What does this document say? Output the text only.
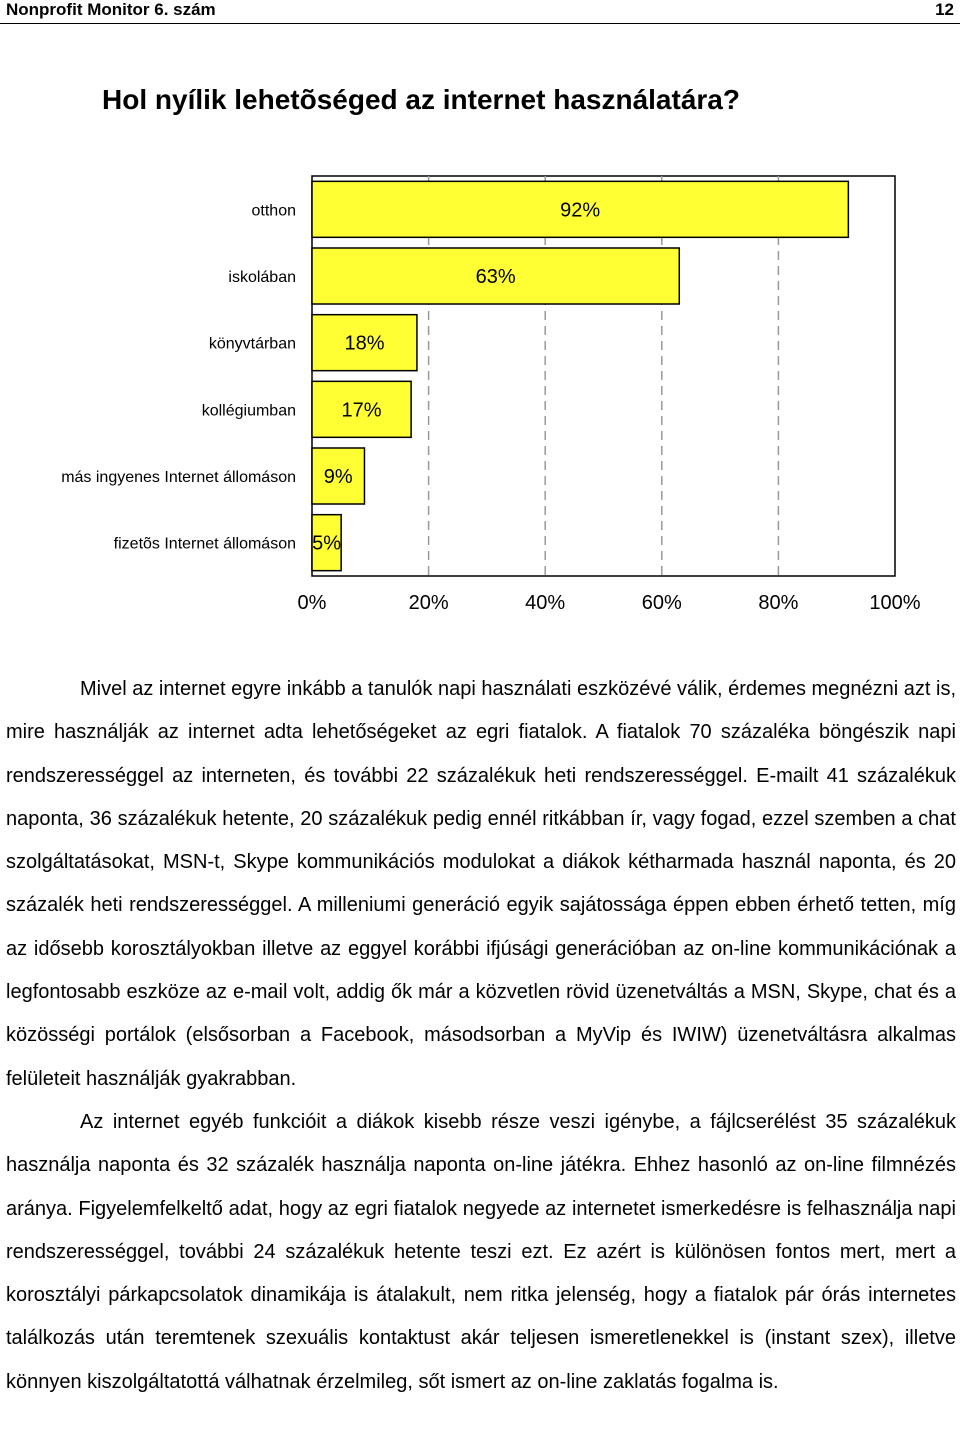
Nonprofit Monitor 6. szám	12
Hol nyílik lehetõséged az internet használatára?
otthon	92%
iskolában	63%
könyvtárban 18%
kollégiumban 17%
más ingyenes Internet állomáson 9%
fizetõs Internet állomáson 5%
0%	20%	40%	60%	80%	100%

Mivel az internet egyre inkább a tanulók napi használati eszközévé válik, érdemes megnézni azt is, mire használják az internet adta lehetőségeket az egri fiatalok. A fiatalok 70 százaléka böngészik napi rendszerességgel az interneten, és további 22 százalékuk heti rendszerességgel. E-mailt 41 százalékuk naponta, 36 százalékuk hetente, 20 százalékuk pedig ennél ritkábban ír, vagy fogad, ezzel szemben a chat szolgáltatásokat, MSN-t, Skype kommunikációs modulokat a diákok kétharmada használ naponta, és 20 százalék heti rendszerességgel. A milleniumi generáció egyik sajátossága éppen ebben érhető tetten, míg az idősebb korosztályokban illetve az eggyel korábbi ifjúsági generációban az on-line kommunikációnak a legfontosabb eszköze az e-mail volt, addig ők már a közvetlen rövid üzenetváltás a MSN, Skype, chat és a közösségi portálok (elsősorban a Facebook, másodsorban a MyVip és IWIW) üzenetváltásra alkalmas felületeit használják gyakrabban.

Az internet egyéb funkcióit a diákok kisebb része veszi igénybe, a fájlcserélést 35 százalékuk használja naponta és 32 százalék használja naponta on-line játékra. Ehhez hasonló az on-line filmnézés aránya. Figyelemfelkeltő adat, hogy az egri fiatalok negyede az internetet ismerkedésre is felhasználja napi rendszerességgel, további 24 százalékuk hetente teszi ezt. Ez azért is különösen fontos mert, mert a korosztályi párkapcsolatok dinamikája is átalakult, nem ritka jelenség, hogy a fiatalok pár órás internetes találkozás után teremtenek szexuális kontaktust akár teljesen ismeretlenekkel is (instant szex), illetve könnyen kiszolgáltatottá válhatnak érzelmileg, sőt ismert az on-line zaklatás fogalma is.
